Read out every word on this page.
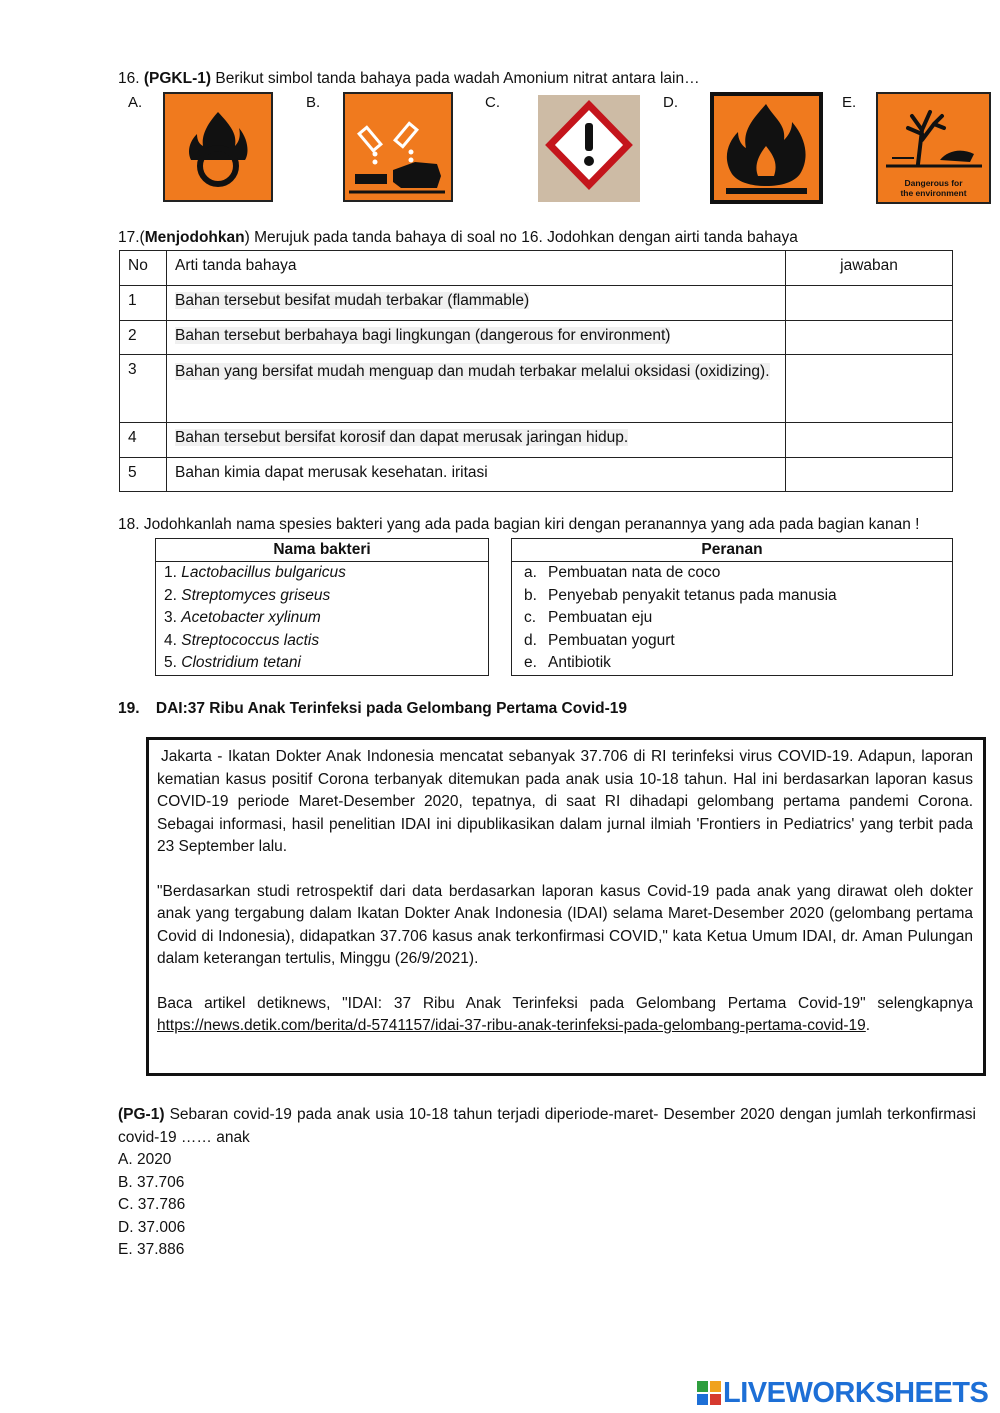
16. (PGKL-1) Berikut simbol tanda bahaya pada wadah Amonium nitrat antara lain…
A.	B.	C.	D.	E.
Dangerous for
the environment
17.(Menjodohkan) Merujuk pada tanda bahaya di soal no 16. Jodohkan dengan airti tanda bahaya
No	Arti tanda bahaya	jawaban
1	Bahan tersebut besifat mudah terbakar (flammable)	
2	Bahan tersebut berbahaya bagi lingkungan (dangerous for environment)	
3	Bahan yang bersifat mudah menguap dan mudah terbakar melalui oksidasi (oxidizing).	
4	Bahan tersebut bersifat korosif dan dapat merusak jaringan hidup.	
5	Bahan kimia dapat merusak kesehatan. iritasi	
18. Jodohkanlah nama spesies bakteri yang ada pada bagian kiri dengan peranannya yang ada pada bagian kanan !
Nama bakteri
1. Lactobacillus bulgaricus
2. Streptomyces griseus
3. Acetobacter xylinum
4. Streptococcus lactis
5. Clostridium tetani
Peranan
a. Pembuatan nata de coco
b. Penyebab penyakit tetanus pada manusia
c. Pembuatan eju
d. Pembuatan yogurt
e. Antibiotik
19. DAI:37 Ribu Anak Terinfeksi pada Gelombang Pertama Covid-19

Jakarta - Ikatan Dokter Anak Indonesia mencatat sebanyak 37.706 di RI terinfeksi virus COVID-19. Adapun, laporan kematian kasus positif Corona terbanyak ditemukan pada anak usia 10-18 tahun. Hal ini berdasarkan laporan kasus COVID-19 periode Maret-Desember 2020, tepatnya, di saat RI dihadapi gelombang pertama pandemi Corona. Sebagai informasi, hasil penelitian IDAI ini dipublikasikan dalam jurnal ilmiah 'Frontiers in Pediatrics' yang terbit pada 23 September lalu.

"Berdasarkan studi retrospektif dari data berdasarkan laporan kasus Covid-19 pada anak yang dirawat oleh dokter anak yang tergabung dalam Ikatan Dokter Anak Indonesia (IDAI) selama Maret-Desember 2020 (gelombang pertama Covid di Indonesia), didapatkan 37.706 kasus anak terkonfirmasi COVID," kata Ketua Umum IDAI, dr. Aman Pulungan dalam keterangan tertulis, Minggu (26/9/2021).

Baca artikel detiknews, "IDAI: 37 Ribu Anak Terinfeksi pada Gelombang Pertama Covid-19" selengkapnya https://news.detik.com/berita/d-5741157/idai-37-ribu-anak-terinfeksi-pada-gelombang-pertama-covid-19.

(PG-1) Sebaran covid-19 pada anak usia 10-18 tahun terjadi diperiode-maret- Desember 2020 dengan jumlah terkonfirmasi covid-19 …… anak
A. 2020
B. 37.706
C. 37.786
D. 37.006
E. 37.886
LIVEWORKSHEETS
